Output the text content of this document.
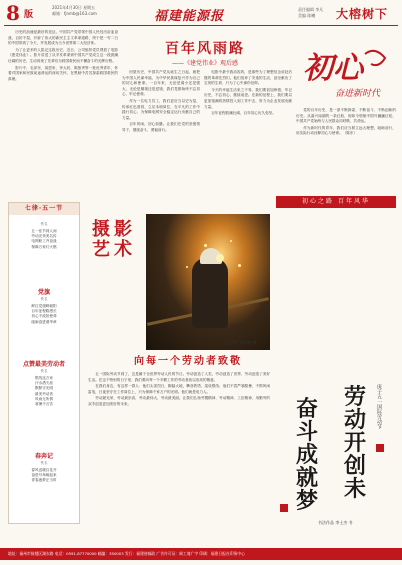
8 版
2021年4月30日 星期五
邮箱：fjnmb@163.com	福建能源报	责任编辑 李凡
美编 陈曦	大榕树下
百年风雨路
——《建党伟业》观后感

历史的浪涌是最好的见证。中国共产党带领中国人民经历浴血奋战，百折不挠，开辟了伟大的新民主主义革命道路，终于把一穷二白的中国带到了今天，并发展成为当今世界第二大经济体。

为了让更多的人铭记这段历史，近日，公司组织党员观看了电影《建党伟业》。影片讲述了从辛亥革命到中国共产党成立这一段波澜壮阔的历史，生动再现了先辈们为救国救民而不懈奋斗的光辉历程。

影片中，毛泽东、周恩来、李大钊、陈独秀等一批优秀青年，怀着对国家和民族前途命运的深切关怀，在黑暗中苦苦探索救国救民的真理。

回望历史，中国共产党从诞生之日起，就把为中国人民谋幸福、为中华民族谋复兴作为自己的初心和使命。一百年来，无论是弱小还是强大，无论是顺境还是逆境，我们党都始终不忘初心、牢记使命。

作为一名电力员工，我们更应当以史为鉴，传承红色基因，立足本职岗位，在平凡的工作中践行初心，为保障电网安全稳定运行贡献自己的力量。

百年风雨，初心如磐。让我们在党的坚强领导下，继续奋斗，勇毅前行。

电影中最令我动容的，是那些为了理想信念前赴后继的革命先烈们。他们放弃了安逸的生活，甚至献出了宝贵的生命，只为了心中那份信仰。

今天的幸福生活来之不易，我们要倍加珍惜，牢记历史，不忘初心，继续前进。在新的征程上，我们要以更加饱满的热情投入到工作中去，努力为企业发展贡献力量。

百年征程波澜壮阔，百年初心历久弥坚。

党的百年历史，是一部不断探索、不断奋斗、不断创新的历史。从嘉兴南湖的一条红船，到如今领航中国号巍巍巨轮，中国共产党始终与人民群众同呼吸、共命运。

作为新时代的青年，我们应当树立远大理想，砥砺前行，用实际行动诠释初心与使命。（陈东）

初心
奋进新时代
七律·五一节
佚名
五一佳节到人间
劳动光荣美名传
电网职工齐奋战
保障万家灯火燃
党旗
佚名
鲜红党旗映朝阳
百年征程路漫长
初心不改担使命
砥砺奋进谱华章
点赞最美劳动者
佚名
银线连万家
汗水洒天涯
默默守光明
最美劳动者
风雨无所惧
寒暑不言苦
春奔记
佚名
春风送暖百花开
奋进号角响起来
青春逐梦正当时
摄影艺术
工匠精神 郑海帆 摄
初心之路 百年风华
向每一个劳动者致敬

五一国际劳动节到了，这是属于全世界劳动人民的节日。劳动创造了人类，劳动创造了世界，劳动创造了美好生活。在这个特别的日子里，我们要向每一个辛勤工作的劳动者致以崇高的敬意。

在我们身边，有这样一群人：他们头顶烈日，脚踏大地，攀登铁塔，架设银线；他们不畏严寒酷暑，不惧风雨雷电，日夜坚守在工作岗位上，只为保障千家万户的光明。他们就是电力人。

劳动最光荣，劳动最崇高，劳动最伟大，劳动最美丽。让我们弘扬劳模精神、劳动精神、工匠精神，用勤劳的双手创造更加美好的未来。	劳
动
开
创
未
奋
斗
成
就
梦
庚子五一国际劳动节
书法作品 李士杰 书
地址：福州市鼓楼区湖东路 电话：0591-87770000 邮编：350003 发行：福建省邮政 广告许可证：闽工商广字 印刷：福建日报社印务中心
